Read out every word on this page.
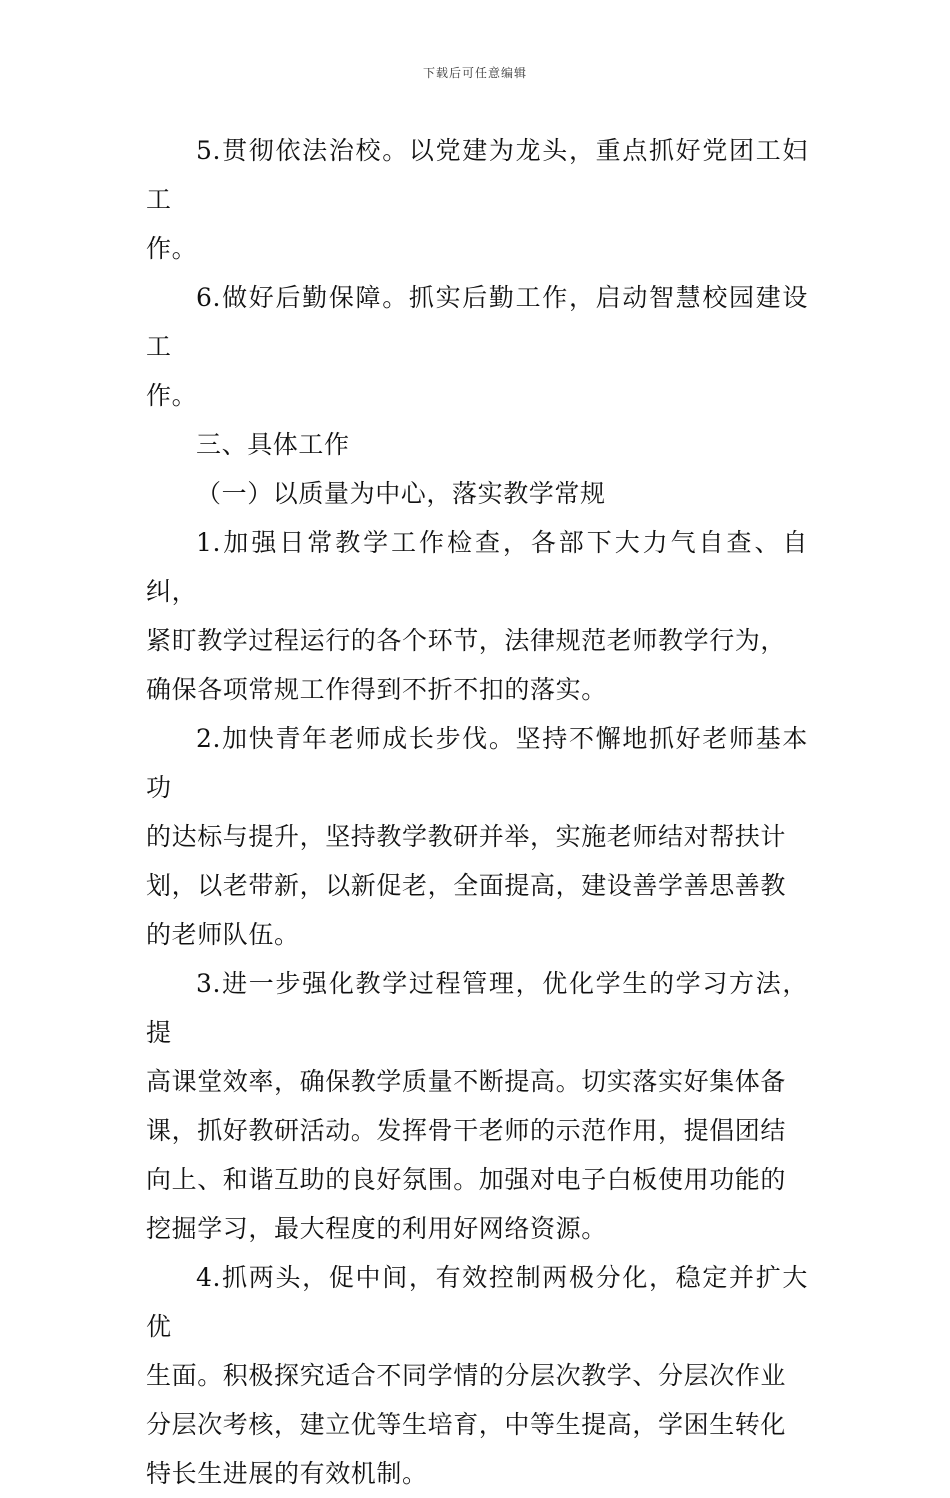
下载后可任意编辑

5.贯彻依法治校。以党建为龙头，重点抓好党团工妇工
作。

6.做好后勤保障。抓实后勤工作，启动智慧校园建设工
作。

三、具体工作

（一）以质量为中心，落实教学常规

1.加强日常教学工作检查，各部下大力气自查、自纠，
紧盯教学过程运行的各个环节，法律规范老师教学行为，
确保各项常规工作得到不折不扣的落实。

2.加快青年老师成长步伐。坚持不懈地抓好老师基本功
的达标与提升，坚持教学教研并举，实施老师结对帮扶计
划，以老带新，以新促老，全面提高，建设善学善思善教
的老师队伍。

3.进一步强化教学过程管理，优化学生的学习方法，提
高课堂效率，确保教学质量不断提高。切实落实好集体备
课，抓好教研活动。发挥骨干老师的示范作用，提倡团结
向上、和谐互助的良好氛围。加强对电子白板使用功能的
挖掘学习，最大程度的利用好网络资源。

4.抓两头，促中间，有效控制两极分化，稳定并扩大优
生面。积极探究适合不同学情的分层次教学、分层次作业
分层次考核，建立优等生培育，中等生提高，学困生转化
特长生进展的有效机制。
